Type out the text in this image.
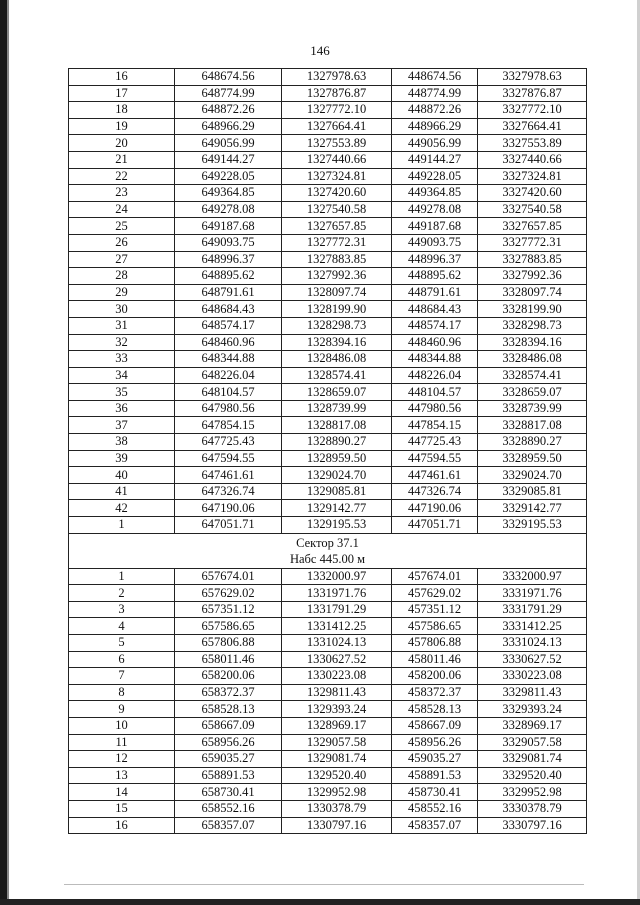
146
16	648674.56	1327978.63	448674.56	3327978.63
17	648774.99	1327876.87	448774.99	3327876.87
18	648872.26	1327772.10	448872.26	3327772.10
19	648966.29	1327664.41	448966.29	3327664.41
20	649056.99	1327553.89	449056.99	3327553.89
21	649144.27	1327440.66	449144.27	3327440.66
22	649228.05	1327324.81	449228.05	3327324.81
23	649364.85	1327420.60	449364.85	3327420.60
24	649278.08	1327540.58	449278.08	3327540.58
25	649187.68	1327657.85	449187.68	3327657.85
26	649093.75	1327772.31	449093.75	3327772.31
27	648996.37	1327883.85	448996.37	3327883.85
28	648895.62	1327992.36	448895.62	3327992.36
29	648791.61	1328097.74	448791.61	3328097.74
30	648684.43	1328199.90	448684.43	3328199.90
31	648574.17	1328298.73	448574.17	3328298.73
32	648460.96	1328394.16	448460.96	3328394.16
33	648344.88	1328486.08	448344.88	3328486.08
34	648226.04	1328574.41	448226.04	3328574.41
35	648104.57	1328659.07	448104.57	3328659.07
36	647980.56	1328739.99	447980.56	3328739.99
37	647854.15	1328817.08	447854.15	3328817.08
38	647725.43	1328890.27	447725.43	3328890.27
39	647594.55	1328959.50	447594.55	3328959.50
40	647461.61	1329024.70	447461.61	3329024.70
41	647326.74	1329085.81	447326.74	3329085.81
42	647190.06	1329142.77	447190.06	3329142.77
1	647051.71	1329195.53	447051.71	3329195.53

Сектор 37.1
Набс 445.00 м				

1	657674.01	1332000.97	457674.01	3332000.97
2	657629.02	1331971.76	457629.02	3331971.76
3	657351.12	1331791.29	457351.12	3331791.29
4	657586.65	1331412.25	457586.65	3331412.25
5	657806.88	1331024.13	457806.88	3331024.13
6	658011.46	1330627.52	458011.46	3330627.52
7	658200.06	1330223.08	458200.06	3330223.08
8	658372.37	1329811.43	458372.37	3329811.43
9	658528.13	1329393.24	458528.13	3329393.24
10	658667.09	1328969.17	458667.09	3328969.17
11	658956.26	1329057.58	458956.26	3329057.58
12	659035.27	1329081.74	459035.27	3329081.74
13	658891.53	1329520.40	458891.53	3329520.40
14	658730.41	1329952.98	458730.41	3329952.98
15	658552.16	1330378.79	458552.16	3330378.79
16	658357.07	1330797.16	458357.07	3330797.16
